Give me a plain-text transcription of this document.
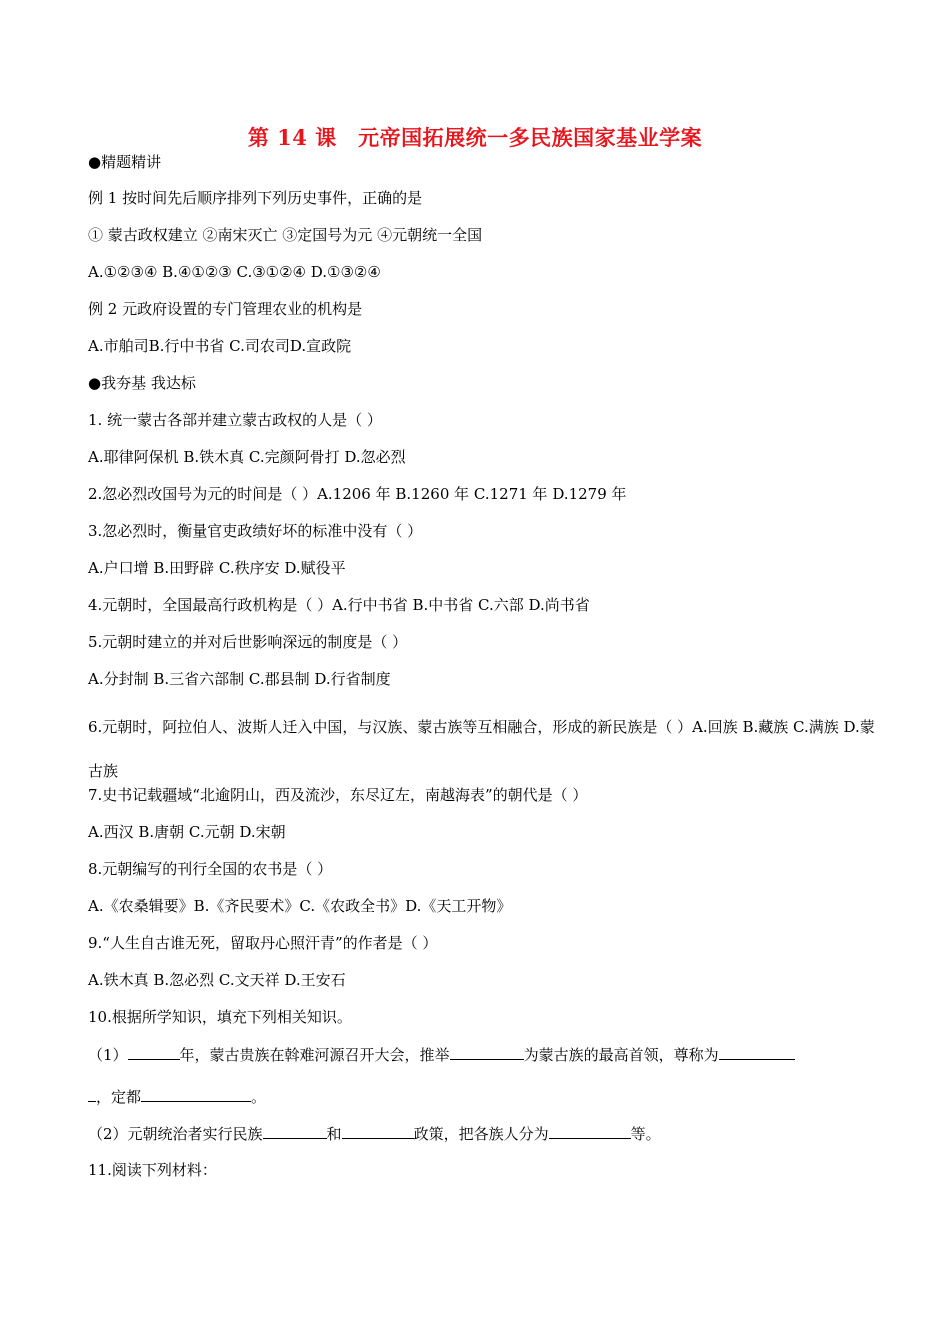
第 14 课　元帝国拓展统一多民族国家基业学案
●精题精讲
例 1 按时间先后顺序排列下列历史事件，正确的是
① 蒙古政权建立 ②南宋灭亡 ③定国号为元 ④元朝统一全国
A.①②③④ B.④①②③ C.③①②④ D.①③②④
例 2 元政府设置的专门管理农业的机构是
A.市舶司B.行中书省 C.司农司D.宣政院
●我夯基 我达标
1. 统一蒙古各部并建立蒙古政权的人是（ ）
A.耶律阿保机 B.铁木真 C.完颜阿骨打 D.忽必烈
2.忽必烈改国号为元的时间是（ ）A.1206 年 B.1260 年 C.1271 年 D.1279 年
3.忽必烈时，衡量官吏政绩好坏的标准中没有（ ）
A.户口增 B.田野辟 C.秩序安 D.赋役平
4.元朝时，全国最高行政机构是（ ）A.行中书省 B.中书省 C.六部 D.尚书省
5.元朝时建立的并对后世影响深远的制度是（ ）
A.分封制 B.三省六部制 C.郡县制 D.行省制度
6.元朝时，阿拉伯人、波斯人迁入中国，与汉族、蒙古族等互相融合，形成的新民族是（ ）A.回族 B.藏族 C.满族 D.蒙古族
7.史书记载疆域“北逾阴山，西及流沙，东尽辽左，南越海表”的朝代是（ ）
A.西汉 B.唐朝 C.元朝 D.宋朝
8.元朝编写的刊行全国的农书是（ ）
A.《农桑辑要》B.《齐民要术》C.《农政全书》D.《天工开物》
9.“人生自古谁无死，留取丹心照汗青”的作者是（ ）
A.铁木真 B.忽必烈 C.文天祥 D.王安石
10.根据所学知识，填充下列相关知识。
（1）	年，蒙古贵族在斡难河源召开大会，推举	为蒙古族的最高首领，尊称为
，定都	。
（2）元朝统治者实行民族	和	政策，把各族人分为	等。
11.阅读下列材料：
